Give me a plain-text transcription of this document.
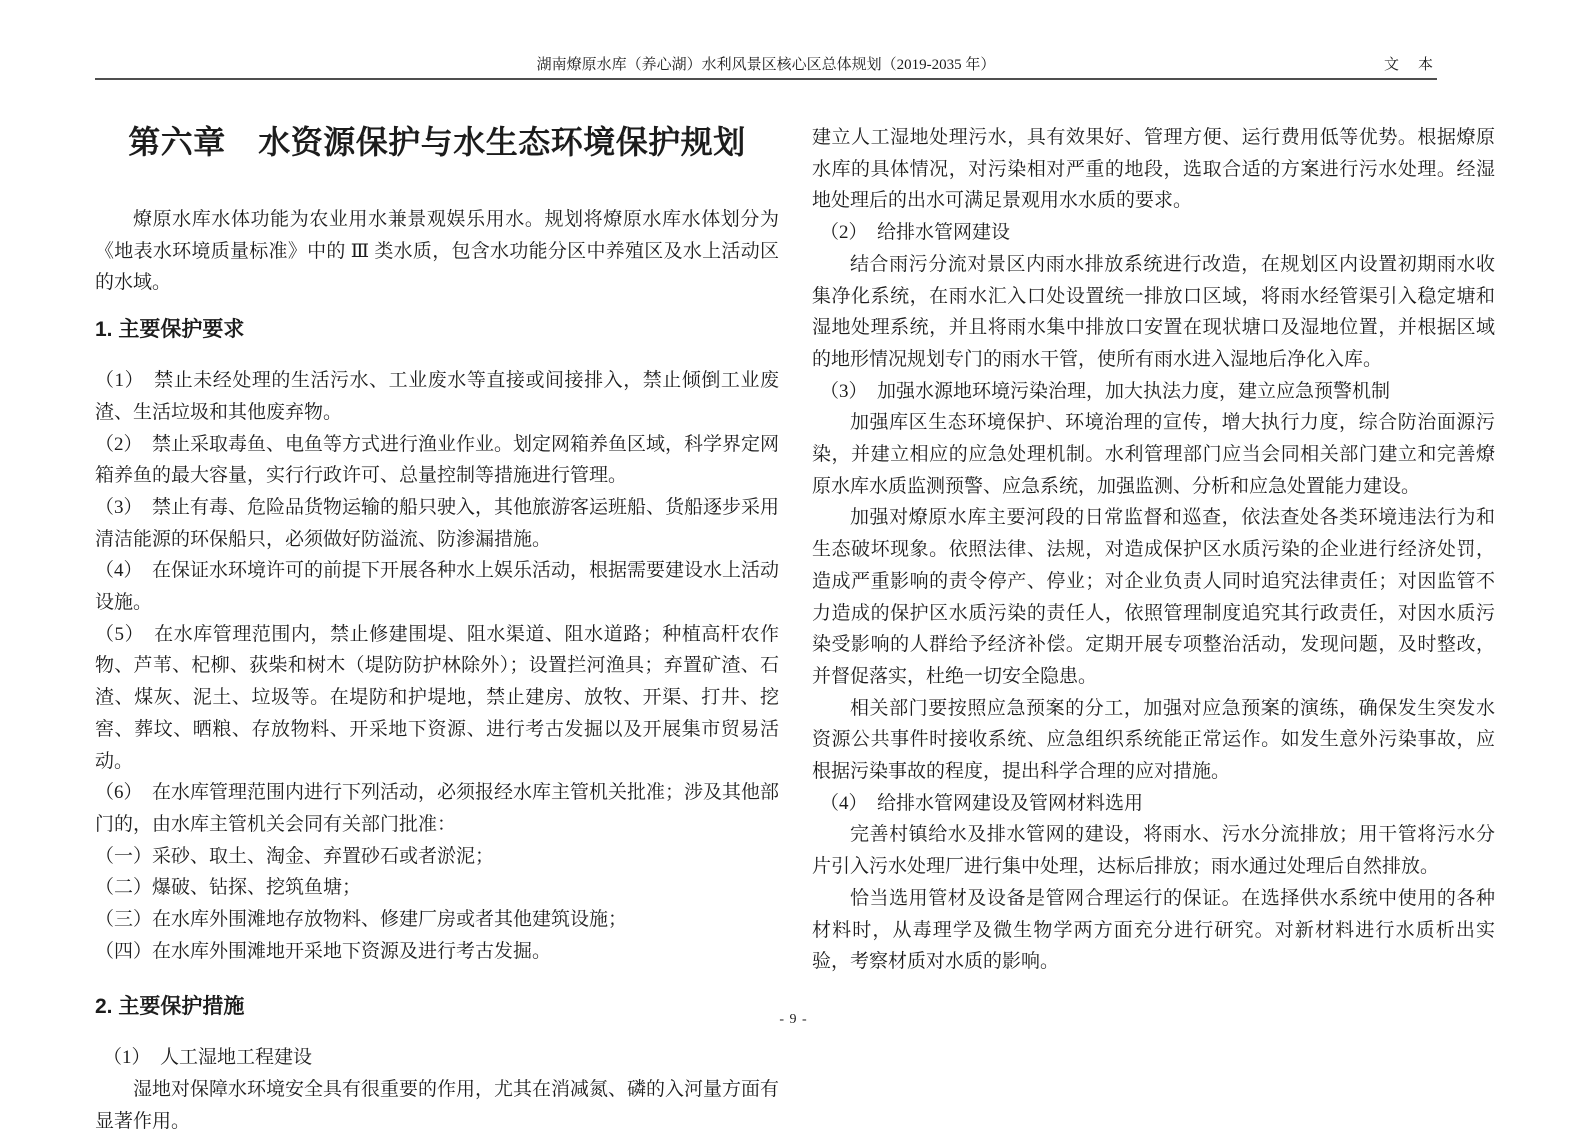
湖南燎原水库（养心湖）水利风景区核心区总体规划（2019-2035 年）	文　本
第六章　水资源保护与水生态环境保护规划

燎原水库水体功能为农业用水兼景观娱乐用水。规划将燎原水库水体划分为《地表水环境质量标准》中的 Ⅲ 类水质，包含水功能分区中养殖区及水上活动区的水域。

1. 主要保护要求

（1）　禁止未经处理的生活污水、工业废水等直接或间接排入，禁止倾倒工业废渣、生活垃圾和其他废弃物。

（2）　禁止采取毒鱼、电鱼等方式进行渔业作业。划定网箱养鱼区域，科学界定网箱养鱼的最大容量，实行行政许可、总量控制等措施进行管理。

（3）　禁止有毒、危险品货物运输的船只驶入，其他旅游客运班船、货船逐步采用清洁能源的环保船只，必须做好防溢流、防渗漏措施。

（4）　在保证水环境许可的前提下开展各种水上娱乐活动，根据需要建设水上活动设施。

（5）　在水库管理范围内，禁止修建围堤、阻水渠道、阻水道路；种植高杆农作物、芦苇、杞柳、荻柴和树木（堤防防护林除外）；设置拦河渔具；弃置矿渣、石渣、煤灰、泥土、垃圾等。在堤防和护堤地，禁止建房、放牧、开渠、打井、挖窖、葬坟、晒粮、存放物料、开采地下资源、进行考古发掘以及开展集市贸易活动。

（6）　在水库管理范围内进行下列活动，必须报经水库主管机关批准；涉及其他部门的，由水库主管机关会同有关部门批准：

（一）采砂、取土、淘金、弃置砂石或者淤泥；

（二）爆破、钻探、挖筑鱼塘；

（三）在水库外围滩地存放物料、修建厂房或者其他建筑设施；

（四）在水库外围滩地开采地下资源及进行考古发掘。

2. 主要保护措施

（1）　人工湿地工程建设

湿地对保障水环境安全具有很重要的作用，尤其在消减氮、磷的入河量方面有显著作用。

建立人工湿地处理污水，具有效果好、管理方便、运行费用低等优势。根据燎原水库的具体情况，对污染相对严重的地段，选取合适的方案进行污水处理。经湿地处理后的出水可满足景观用水水质的要求。

（2）　给排水管网建设

结合雨污分流对景区内雨水排放系统进行改造，在规划区内设置初期雨水收集净化系统，在雨水汇入口处设置统一排放口区域，将雨水经管渠引入稳定塘和湿地处理系统，并且将雨水集中排放口安置在现状塘口及湿地位置，并根据区域的地形情况规划专门的雨水干管，使所有雨水进入湿地后净化入库。

（3）　加强水源地环境污染治理，加大执法力度，建立应急预警机制

加强库区生态环境保护、环境治理的宣传，增大执行力度，综合防治面源污染，并建立相应的应急处理机制。水利管理部门应当会同相关部门建立和完善燎原水库水质监测预警、应急系统，加强监测、分析和应急处置能力建设。

加强对燎原水库主要河段的日常监督和巡查，依法查处各类环境违法行为和生态破坏现象。依照法律、法规，对造成保护区水质污染的企业进行经济处罚，造成严重影响的责令停产、停业；对企业负责人同时追究法律责任；对因监管不力造成的保护区水质污染的责任人，依照管理制度追究其行政责任，对因水质污染受影响的人群给予经济补偿。定期开展专项整治活动，发现问题，及时整改，并督促落实，杜绝一切安全隐患。

相关部门要按照应急预案的分工，加强对应急预案的演练，确保发生突发水资源公共事件时接收系统、应急组织系统能正常运作。如发生意外污染事故，应根据污染事故的程度，提出科学合理的应对措施。

（4）　给排水管网建设及管网材料选用

完善村镇给水及排水管网的建设，将雨水、污水分流排放；用干管将污水分片引入污水处理厂进行集中处理，达标后排放；雨水通过处理后自然排放。

恰当选用管材及设备是管网合理运行的保证。在选择供水系统中使用的各种材料时，从毒理学及微生物学两方面充分进行研究。对新材料进行水质析出实验，考察材质对水质的影响。

- 9 -
